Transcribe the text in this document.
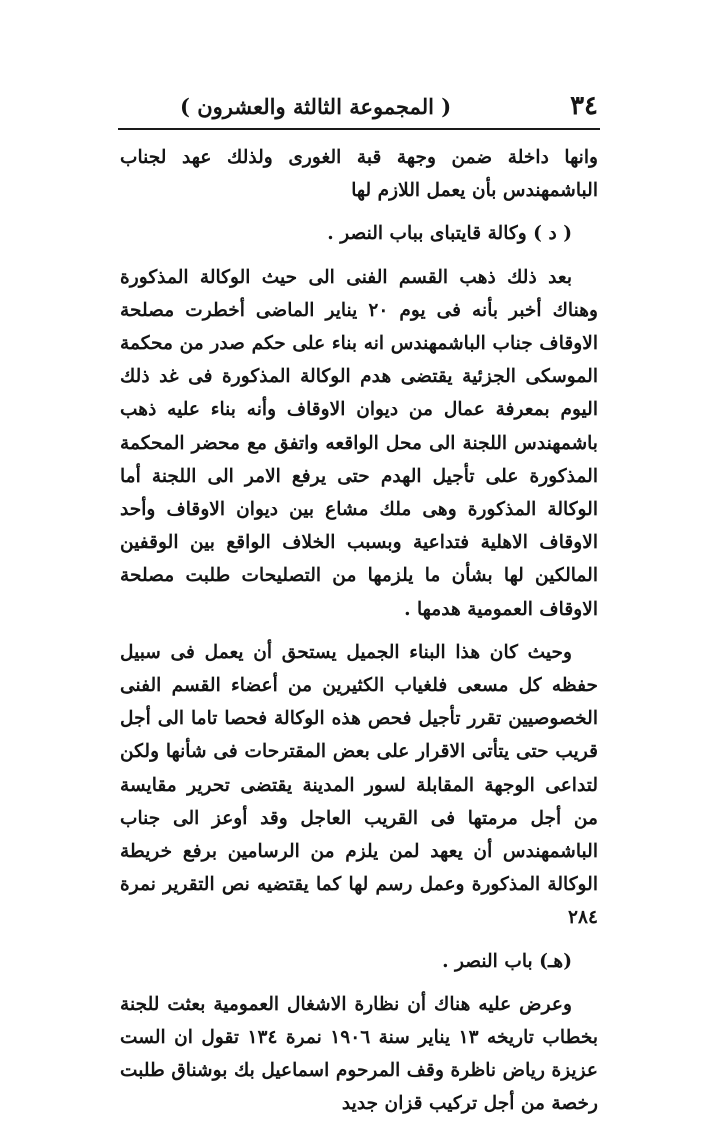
٣٤
( المجموعة الثالثة والعشرون )

وانها داخلة ضمن وجهة قبة الغورى ولذلك عهد لجناب الباشمهندس بأن يعمل اللازم لها

( د ) وكالة قايتباى بباب النصر .

بعد ذلك ذهب القسم الفنى الى حيث الوكالة المذكورة وهناك أخبر بأنه فى يوم ٢٠ يناير الماضى أخطرت مصلحة الاوقاف جناب الباشمهندس انه بناء على حكم صدر من محكمة الموسكى الجزئية يقتضى هدم الوكالة المذكورة فى غد ذلك اليوم بمعرفة عمال من ديوان الاوقاف وأنه بناء عليه ذهب باشمهندس اللجنة الى محل الواقعه واتفق مع محضر المحكمة المذكورة على تأجيل الهدم حتى يرفع الامر الى اللجنة أما الوكالة المذكورة وهى ملك مشاع بين ديوان الاوقاف وأحد الاوقاف الاهلية فتداعية وبسبب الخلاف الواقع بين الوقفين المالكين لها بشأن ما يلزمها من التصليحات طلبت مصلحة الاوقاف العمومية هدمها .

وحيث كان هذا البناء الجميل يستحق أن يعمل فى سبيل حفظه كل مسعى فلغياب الكثيرين من أعضاء القسم الفنى الخصوصيين تقرر تأجيل فحص هذه الوكالة فحصا تاما الى أجل قريب حتى يتأتى الاقرار على بعض المقترحات فى شأنها ولكن لتداعى الوجهة المقابلة لسور المدينة يقتضى تحرير مقايسة من أجل مرمتها فى القريب العاجل وقد أوعز الى جناب الباشمهندس أن يعهد لمن يلزم من الرسامين برفع خريطة الوكالة المذكورة وعمل رسم لها كما يقتضيه نص التقرير نمرة ٢٨٤

(هـ) باب النصر .

وعرض عليه هناك أن نظارة الاشغال العمومية بعثت للجنة بخطاب تاريخه ١٣ يناير سنة ١٩٠٦ نمرة ١٣٤ تقول ان الست عزيزة رياض ناظرة وقف المرحوم اسماعيل بك بوشناق طلبت رخصة من أجل تركيب قزان جديد
